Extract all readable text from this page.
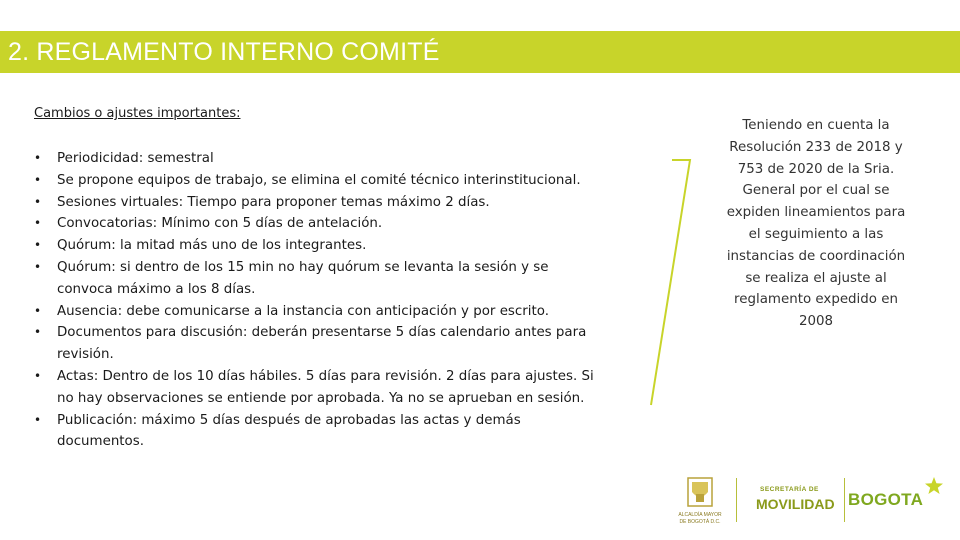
2. REGLAMENTO INTERNO COMITÉ
Cambios o ajustes importantes:
• Periodicidad: semestral
• Se propone equipos de trabajo, se elimina el comité técnico interinstitucional.
• Sesiones virtuales: Tiempo para proponer temas máximo 2 días.
• Convocatorias: Mínimo con 5 días de antelación.
• Quórum: la mitad más uno de los integrantes.
• Quórum: si dentro de los 15 min no hay quórum se levanta la sesión y se
convoca máximo a los 8 días.
• Ausencia: debe comunicarse a la instancia con anticipación y por escrito.
• Documentos para discusión: deberán presentarse 5 días calendario antes para
revisión.
• Actas: Dentro de los 10 días hábiles. 5 días para revisión. 2 días para ajustes. Si
no hay observaciones se entiende por aprobada. Ya no se aprueban en sesión.
• Publicación: máximo 5 días después de aprobadas las actas y demás
documentos.
Teniendo en cuenta la
Resolución 233 de 2018 y
753 de 2020 de la Sria.
General por el cual se
expiden lineamientos para
el seguimiento a las
instancias de coordinación
se realiza el ajuste al
reglamento expedido en
2008
ALCALDÍA MAYOR
DE BOGOTÁ D.C.
SECRETARÍA DE
MOVILIDAD BOGOTA
